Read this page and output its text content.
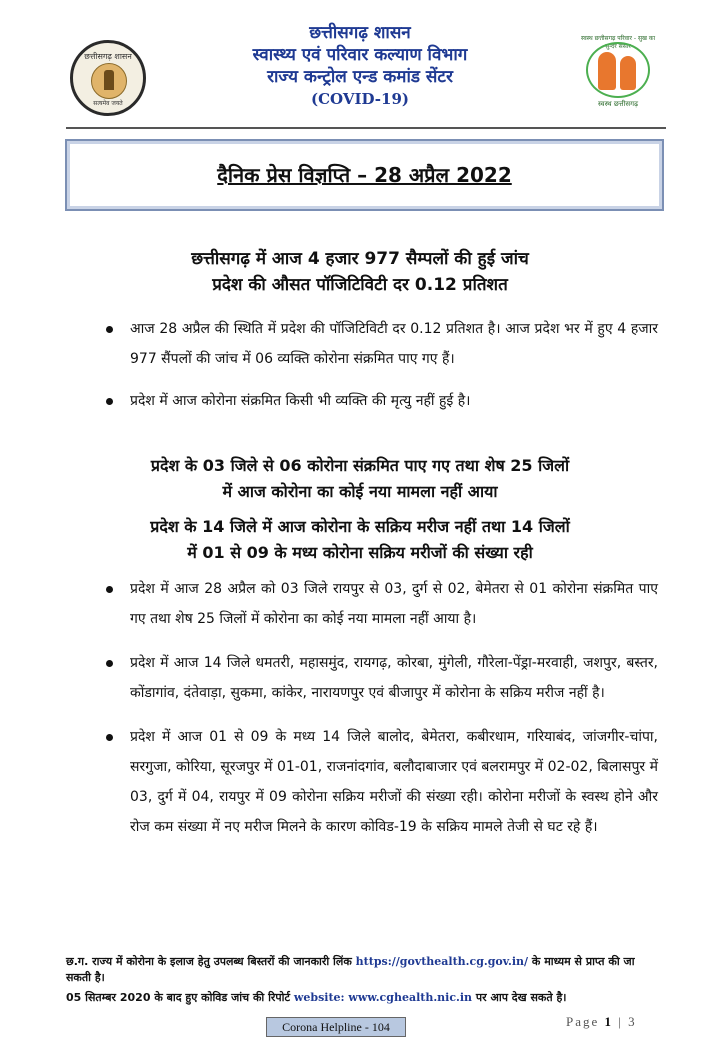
छत्तीसगढ़ शासन
सत्यमेव जयते
छत्तीसगढ़ शासन
स्वास्थ्य एवं परिवार कल्याण विभाग
राज्य कन्ट्रोल एन्ड कमांड सेंटर
(COVID-19)
स्वस्थ छत्तीसगढ़ परिवार - सुख का सुन्दर संसार
स्वस्थ छत्तीसगढ़
दैनिक प्रेस विज्ञप्ति – 28 अप्रैल 2022
छत्तीसगढ़ में आज 4 हजार 977 सैम्पलों की हुई जांच
प्रदेश की औसत पॉजिटिविटी दर 0.12 प्रतिशत
आज 28 अप्रैल की स्थिति में प्रदेश की पॉजिटिविटी दर 0.12 प्रतिशत है। आज प्रदेश भर में हुए 4 हजार 977 सैंपलों की जांच में 06 व्यक्ति कोरोना संक्रमित पाए गए हैं।
प्रदेश में आज कोरोना संक्रमित किसी भी व्यक्ति की मृत्यु नहीं हुई है।
प्रदेश के 03 जिले से 06 कोरोना संक्रमित पाए गए तथा शेष 25 जिलों
में आज कोरोना का कोई नया मामला नहीं आया
प्रदेश के 14 जिले में आज कोरोना के सक्रिय मरीज नहीं तथा 14 जिलों
में 01 से 09 के मध्य कोरोना सक्रिय मरीजों की संख्या रही
प्रदेश में आज 28 अप्रैल को 03 जिले रायपुर से 03, दुर्ग से 02, बेमेतरा से 01 कोरोना संक्रमित पाए गए तथा शेष 25 जिलों में कोरोना का कोई नया मामला नहीं आया है।
प्रदेश में आज 14 जिले धमतरी, महासमुंद, रायगढ़, कोरबा, मुंगेली, गौरेला-पेंड्रा-मरवाही, जशपुर, बस्तर, कोंडागांव, दंतेवाड़ा, सुकमा, कांकेर, नारायणपुर एवं बीजापुर में कोरोना के सक्रिय मरीज नहीं है।
प्रदेश में आज 01 से 09 के मध्य 14 जिले बालोद, बेमेतरा, कबीरधाम, गरियाबंद, जांजगीर-चांपा, सरगुजा, कोरिया, सूरजपुर में 01-01, राजनांदगांव, बलौदाबाजार एवं बलरामपुर में 02-02, बिलासपुर में 03, दुर्ग में 04, रायपुर में 09 कोरोना सक्रिय मरीजों की संख्या रही। कोरोना मरीजों के स्वस्थ होने और रोज कम संख्या में नए मरीज मिलने के कारण कोविड-19 के सक्रिय मामले तेजी से घट रहे हैं।
छ.ग. राज्य में कोरोना के इलाज हेतु उपलब्ध बिस्तरों की जानकारी लिंक https://govthealth.cg.gov.in/ के माध्यम से प्राप्त की जा सकती है।
05 सितम्बर 2020 के बाद हुए कोविड जांच की रिपोर्ट website: www.cghealth.nic.in पर आप देख सकते है।
Corona Helpline - 104	Page 1 | 3
